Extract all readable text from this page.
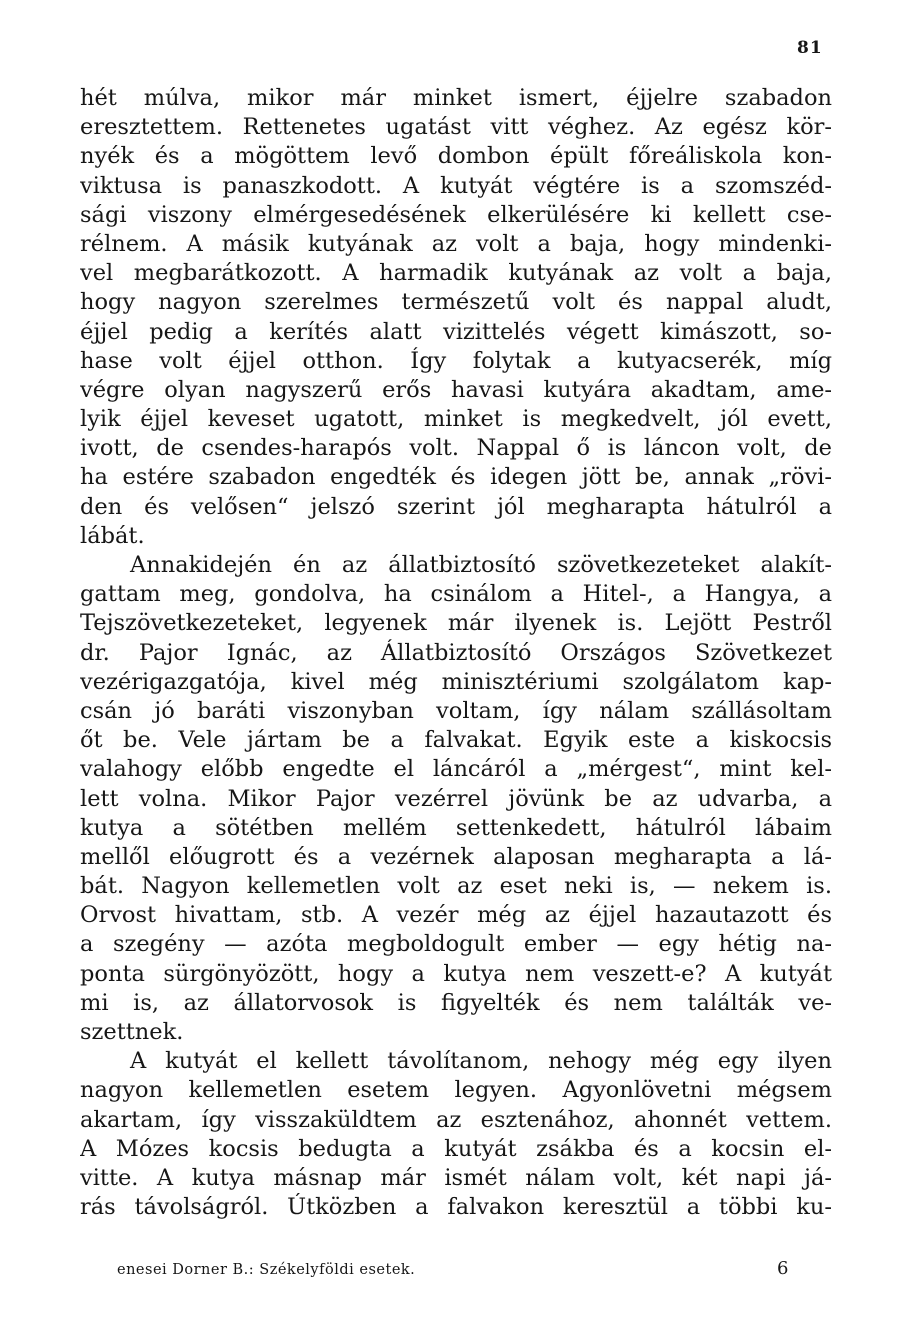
81
hét múlva, mikor már minket ismert, éjjelre szabadon
eresztettem. Rettenetes ugatást vitt véghez. Az egész kör-
nyék és a mögöttem levő dombon épült főreáliskola kon-
viktusa is panaszkodott. A kutyát végtére is a szomszéd-
sági viszony elmérgesedésének elkerülésére ki kellett cse-
rélnem. A másik kutyának az volt a baja, hogy mindenki-
vel megbarátkozott. A harmadik kutyának az volt a baja,
hogy nagyon szerelmes természetű volt és nappal aludt,
éjjel pedig a kerítés alatt vizittelés végett kimászott, so-
hase volt éjjel otthon. Így folytak a kutyacserék, míg
végre olyan nagyszerű erős havasi kutyára akadtam, ame-
lyik éjjel keveset ugatott, minket is megkedvelt, jól evett,
ivott, de csendes-harapós volt. Nappal ő is láncon volt, de
ha estére szabadon engedték és idegen jött be, annak „rövi-
den és velősen“ jelszó szerint jól megharapta hátulról a
lábát.
Annakidején én az állatbiztosító szövetkezeteket alakít-
gattam meg, gondolva, ha csinálom a Hitel-, a Hangya, a
Tejszövetkezeteket, legyenek már ilyenek is. Lejött Pestről
dr. Pajor Ignác, az Állatbiztosító Országos Szövetkezet
vezérigazgatója, kivel még minisztériumi szolgálatom kap-
csán jó baráti viszonyban voltam, így nálam szállásoltam
őt be. Vele jártam be a falvakat. Egyik este a kiskocsis
valahogy előbb engedte el láncáról a „mérgest“, mint kel-
lett volna. Mikor Pajor vezérrel jövünk be az udvarba, a
kutya a sötétben mellém settenkedett, hátulról lábaim
mellől előugrott és a vezérnek alaposan megharapta a lá-
bát. Nagyon kellemetlen volt az eset neki is, — nekem is.
Orvost hivattam, stb. A vezér még az éjjel hazautazott és
a szegény — azóta megboldogult ember — egy hétig na-
ponta sürgönyözött, hogy a kutya nem veszett-e? A kutyát
mi is, az állatorvosok is figyelték és nem találták ve-
szettnek.
A kutyát el kellett távolítanom, nehogy még egy ilyen
nagyon kellemetlen esetem legyen. Agyonlövetni mégsem
akartam, így visszaküldtem az esztenához, ahonnét vettem.
A Mózes kocsis bedugta a kutyát zsákba és a kocsin el-
vitte. A kutya másnap már ismét nálam volt, két napi já-
rás távolságról. Útközben a falvakon keresztül a többi ku-
enesei Dorner B.: Székelyföldi esetek.	6
